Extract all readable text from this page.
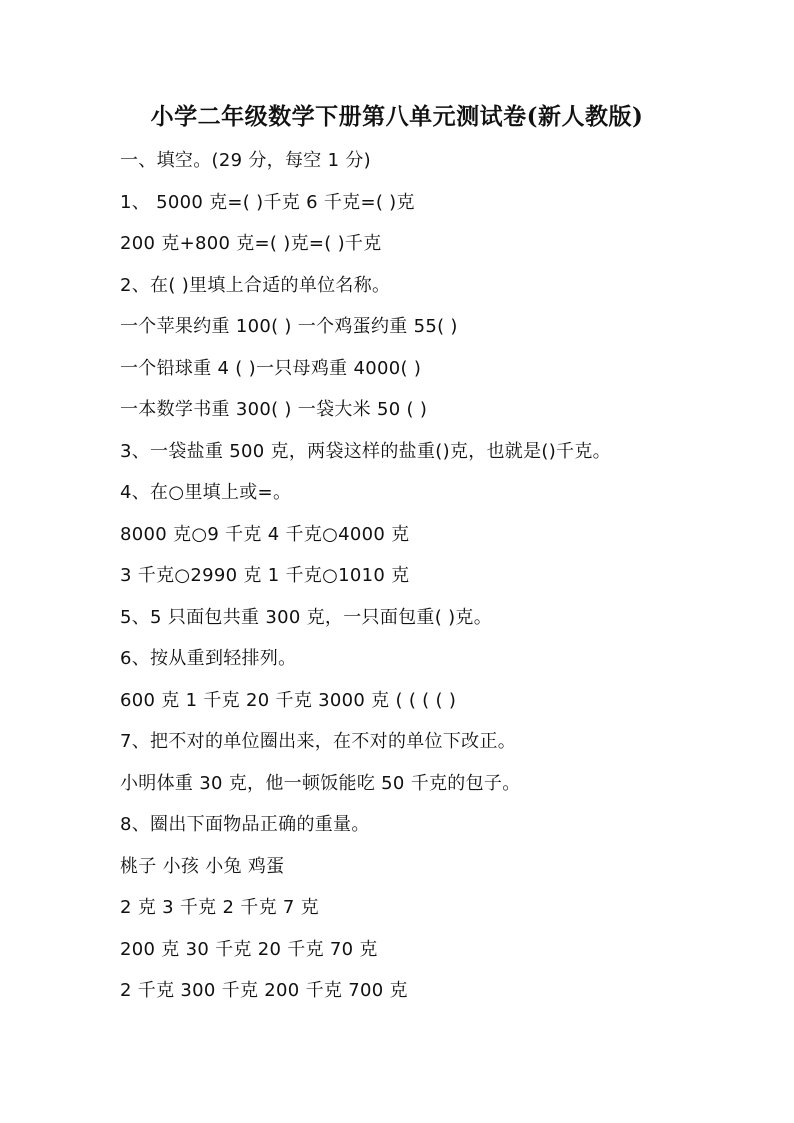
小学二年级数学下册第八单元测试卷(新人教版)
一、填空。(29 分，每空 1 分)
1、 5000 克=( )千克 6 千克=( )克
200 克+800 克=( )克=( )千克
2、在( )里填上合适的单位名称。
一个苹果约重 100( ) 一个鸡蛋约重 55( )
一个铅球重 4 ( )一只母鸡重 4000( )
一本数学书重 300( ) 一袋大米 50 ( )
3、一袋盐重 500 克，两袋这样的盐重()克，也就是()千克。
4、在○里填上或=。
8000 克○9 千克 4 千克○4000 克
3 千克○2990 克 1 千克○1010 克
5、5 只面包共重 300 克，一只面包重( )克。
6、按从重到轻排列。
600 克 1 千克 20 千克 3000 克 ( ( ( ( )
7、把不对的单位圈出来，在不对的单位下改正。
小明体重 30 克，他一顿饭能吃 50 千克的包子。
8、圈出下面物品正确的重量。
桃子 小孩 小兔 鸡蛋
2 克 3 千克 2 千克 7 克
200 克 30 千克 20 千克 70 克
2 千克 300 千克 200 千克 700 克
